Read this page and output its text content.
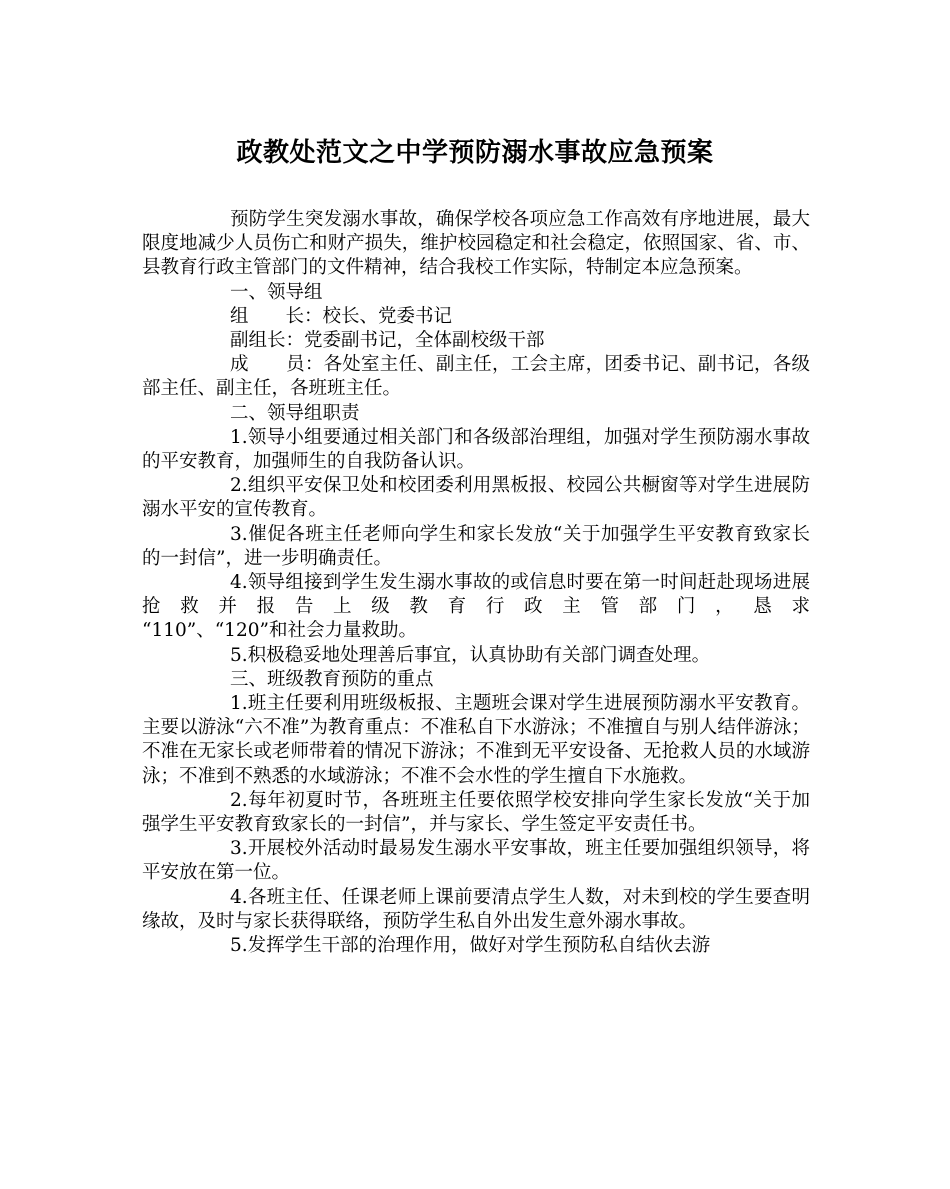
政教处范文之中学预防溺水事故应急预案

预防学生突发溺水事故，确保学校各项应急工作高效有序地进展，最大限度地减少人员伤亡和财产损失，维护校园稳定和社会稳定，依照国家、省、市、县教育行政主管部门的文件精神，结合我校工作实际，特制定本应急预案。

一、领导组

组　　长：校长、党委书记

副组长：党委副书记，全体副校级干部

成　　员：各处室主任、副主任，工会主席，团委书记、副书记，各级部主任、副主任，各班班主任。

二、领导组职责

1.领导小组要通过相关部门和各级部治理组，加强对学生预防溺水事故的平安教育，加强师生的自我防备认识。

2.组织平安保卫处和校团委利用黑板报、校园公共橱窗等对学生进展防溺水平安的宣传教育。

3.催促各班主任老师向学生和家长发放“关于加强学生平安教育致家长的一封信”，进一步明确责任。

4.领导组接到学生发生溺水事故的或信息时要在第一时间赶赴现场进展抢救并报告上级教育行政主管部门，恳求

“110”、“120”和社会力量救助。

5.积极稳妥地处理善后事宜，认真协助有关部门调查处理。

三、班级教育预防的重点

1.班主任要利用班级板报、主题班会课对学生进展预防溺水平安教育。主要以游泳“六不准”为教育重点：不准私自下水游泳；不准擅自与别人结伴游泳；不准在无家长或老师带着的情况下游泳；不准到无平安设备、无抢救人员的水域游泳；不准到不熟悉的水域游泳；不准不会水性的学生擅自下水施救。

2.每年初夏时节，各班班主任要依照学校安排向学生家长发放“关于加强学生平安教育致家长的一封信”，并与家长、学生签定平安责任书。

3.开展校外活动时最易发生溺水平安事故，班主任要加强组织领导，将平安放在第一位。

4.各班主任、任课老师上课前要清点学生人数，对未到校的学生要查明缘故，及时与家长获得联络，预防学生私自外出发生意外溺水事故。

5.发挥学生干部的治理作用，做好对学生预防私自结伙去游
